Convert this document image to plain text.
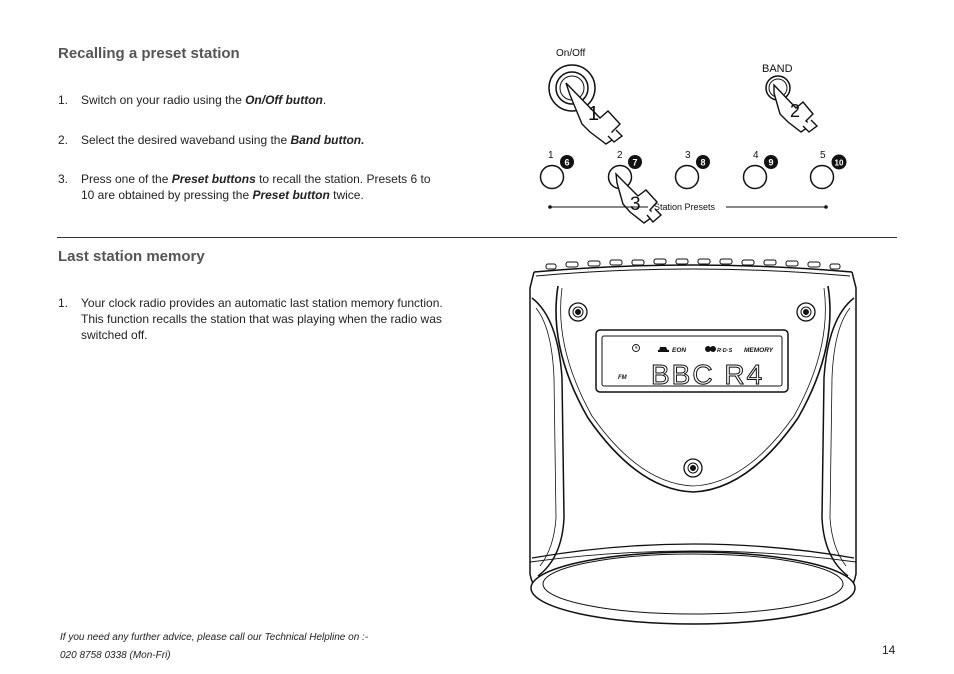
Recalling a preset station
1. Switch on your radio using the On/Off button.
2. Select the desired waveband using the Band button.
3. Press one of the Preset buttons to recall the station. Presets 6 to
10 are obtained by pressing the Preset button twice.
Last station memory
1. Your clock radio provides an automatic last station memory function.
This function recalls the station that was playing when the radio was
switched off.
On/Off
1
BAND
2
1
6
2
7
3
8
4
9
5
10
3 Station Presets
EON	R·D·S MEMORY
FM BBC R4
If you need any further advice, please call our Technical Helpline on :-
020 8758 0338 (Mon-Fri)	14
